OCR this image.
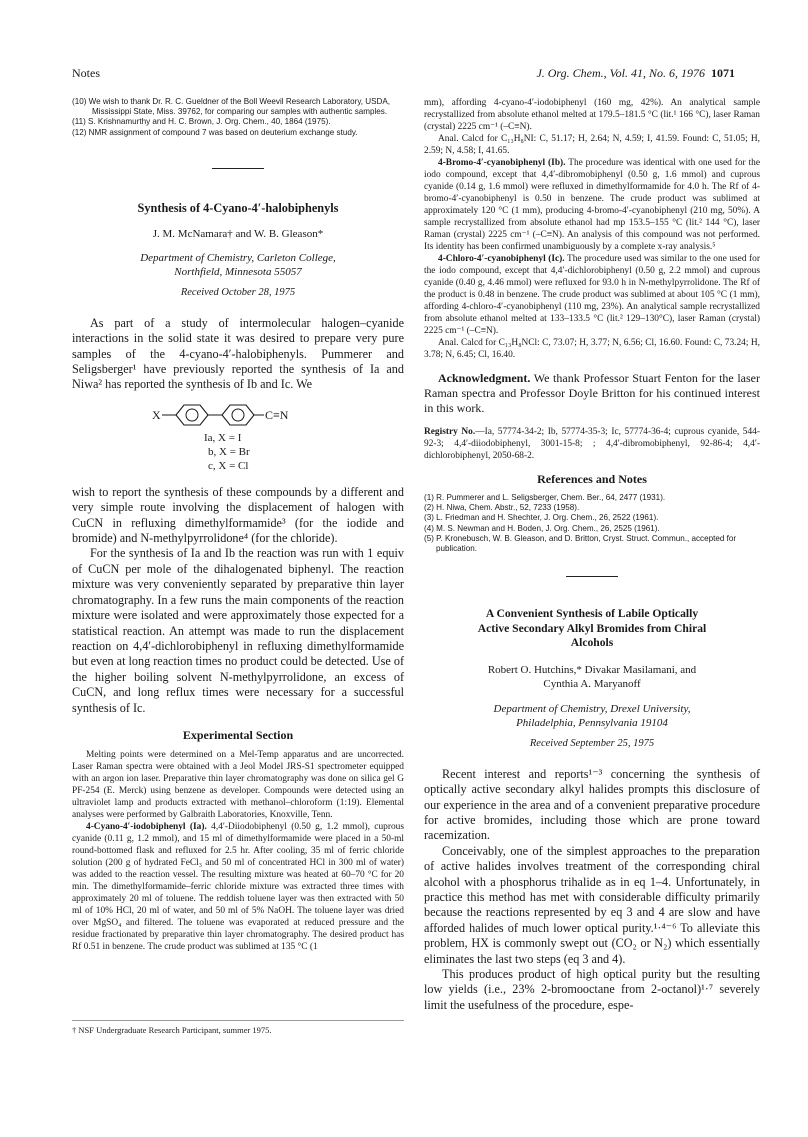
Notes	J. Org. Chem., Vol. 41, No. 6, 1976 1071

(10) We wish to thank Dr. R. C. Gueldner of the Boll Weevil Research Laboratory, USDA, Mississippi State, Miss. 39762, for comparing our samples with authentic samples.

(11) S. Krishnamurthy and H. C. Brown, J. Org. Chem., 40, 1864 (1975).

(12) NMR assignment of compound 7 was based on deuterium exchange study.

Synthesis of 4-Cyano-4′-halobiphenyls

J. M. McNamara† and W. B. Gleason*

Department of Chemistry, Carleton College,
Northfield, Minnesota 55057

Received October 28, 1975

As part of a study of intermolecular halogen–cyanide interactions in the solid state it was desired to prepare very pure samples of the 4-cyano-4′-halobiphenyls. Pummerer and Seligsberger¹ have previously reported the synthesis of Ia and Niwa² has reported the synthesis of Ib and Ic. We

X	C≡N
Ia, X = I
b, X = Br
c, X = Cl

wish to report the synthesis of these compounds by a different and very simple route involving the displacement of halogen with CuCN in refluxing dimethylformamide³ (for the iodide and bromide) and N-methylpyrrolidone⁴ (for the chloride).

For the synthesis of Ia and Ib the reaction was run with 1 equiv of CuCN per mole of the dihalogenated biphenyl. The reaction mixture was very conveniently separated by preparative thin layer chromatography. In a few runs the main components of the reaction mixture were isolated and were approximately those expected for a statistical reaction. An attempt was made to run the displacement reaction on 4,4′-dichlorobiphenyl in refluxing dimethylformamide but even at long reaction times no product could be detected. Use of the higher boiling solvent N-methylpyrrolidone, an excess of CuCN, and long reflux times were necessary for a successful synthesis of Ic.

Experimental Section

Melting points were determined on a Mel-Temp apparatus and are uncorrected. Laser Raman spectra were obtained with a Jeol Model JRS-S1 spectrometer equipped with an argon ion laser. Preparative thin layer chromatography was done on silica gel G PF-254 (E. Merck) using benzene as developer. Compounds were detected using an ultraviolet lamp and products extracted with methanol–chloroform (1:19). Elemental analyses were performed by Galbraith Laboratories, Knoxville, Tenn.

4-Cyano-4′-iodobiphenyl (Ia). 4,4′-Diiodobiphenyl (0.50 g, 1.2 mmol), cuprous cyanide (0.11 g, 1.2 mmol), and 15 ml of dimethylformamide were placed in a 50-ml round-bottomed flask and refluxed for 2.5 hr. After cooling, 35 ml of ferric chloride solution (200 g of hydrated FeCl₃ and 50 ml of concentrated HCl in 300 ml of water) was added to the reaction vessel. The resulting mixture was heated at 60–70 °C for 20 min. The dimethylformamide–ferric chloride mixture was extracted three times with approximately 20 ml of toluene. The reddish toluene layer was then extracted with 50 ml of 10% HCl, 20 ml of water, and 50 ml of 5% NaOH. The toluene layer was dried over MgSO₄ and filtered. The toluene was evaporated at reduced pressure and the residue fractionated by preparative thin layer chromatography. The desired product has Rf 0.51 in benzene. The crude product was sublimed at 135 °C (1

† NSF Undergraduate Research Participant, summer 1975.

mm), affording 4-cyano-4′-iodobiphenyl (160 mg, 42%). An analytical sample recrystallized from absolute ethanol melted at 179.5–181.5 °C (lit.¹ 166 °C), laser Raman (crystal) 2225 cm⁻¹ (–C≡N).

Anal. Calcd for C₁₃H₈NI: C, 51.17; H, 2.64; N, 4.59; I, 41.59. Found: C, 51.05; H, 2.59; N, 4.58; I, 41.65.

4-Bromo-4′-cyanobiphenyl (Ib). The procedure was identical with one used for the iodo compound, except that 4,4′-dibromobiphenyl (0.50 g, 1.6 mmol) and cuprous cyanide (0.14 g, 1.6 mmol) were refluxed in dimethylformamide for 4.0 h. The Rf of 4-bromo-4′-cyanobiphenyl is 0.50 in benzene. The crude product was sublimed at approximately 120 °C (1 mm), producing 4-bromo-4′-cyanobiphenyl (210 mg, 50%). A sample recrystallized from absolute ethanol had mp 153.5–155 °C (lit.² 144 °C), laser Raman (crystal) 2225 cm⁻¹ (–C≡N). An analysis of this compound was not performed. Its identity has been confirmed unambiguously by a complete x-ray analysis.⁵

4-Chloro-4′-cyanobiphenyl (Ic). The procedure used was similar to the one used for the iodo compound, except that 4,4′-dichlorobiphenyl (0.50 g, 2.2 mmol) and cuprous cyanide (0.40 g, 4.46 mmol) were refluxed for 93.0 h in N-methylpyrrolidone. The Rf of the product is 0.48 in benzene. The crude product was sublimed at about 105 °C (1 mm), affording 4-chloro-4′-cyanobiphenyl (110 mg, 23%). An analytical sample recrystallized from absolute ethanol melted at 133–133.5 °C (lit.² 129–130°C), laser Raman (crystal) 2225 cm⁻¹ (–C≡N).

Anal. Calcd for C₁₃H₈NCl: C, 73.07; H, 3.77; N, 6.56; Cl, 16.60. Found: C, 73.24; H, 3.78; N, 6.45; Cl, 16.40.

Acknowledgment. We thank Professor Stuart Fenton for the laser Raman spectra and Professor Doyle Britton for his continued interest in this work.

Registry No.—Ia, 57774-34-2; Ib, 57774-35-3; Ic, 57774-36-4; cuprous cyanide, 544-92-3; 4,4′-diiodobiphenyl, 3001-15-8; ; 4,4′-dibromobiphenyl, 92-86-4; 4,4′-dichlorobiphenyl, 2050-68-2.

References and Notes

(1) R. Pummerer and L. Seligsberger, Chem. Ber., 64, 2477 (1931).

(2) H. Niwa, Chem. Abstr., 52, 7233 (1958).

(3) L. Friedman and H. Shechter, J. Org. Chem., 26, 2522 (1961).

(4) M. S. Newman and H. Boden, J. Org. Chem., 26, 2525 (1961).

(5) P. Kronebusch, W. B. Gleason, and D. Britton, Cryst. Struct. Commun., accepted for publication.

A Convenient Synthesis of Labile Optically
Active Secondary Alkyl Bromides from Chiral
Alcohols
Robert O. Hutchins,* Divakar Masilamani, and
Cynthia A. Maryanoff
Department of Chemistry, Drexel University,
Philadelphia, Pennsylvania 19104

Received September 25, 1975

Recent interest and reports¹⁻³ concerning the synthesis of optically active secondary alkyl halides prompts this disclosure of our experience in the area and of a convenient preparative procedure for active bromides, including those which are prone toward racemization.

Conceivably, one of the simplest approaches to the preparation of active halides involves treatment of the corresponding chiral alcohol with a phosphorus trihalide as in eq 1–4. Unfortunately, in practice this method has met with considerable difficulty primarily because the reactions represented by eq 3 and 4 are slow and have afforded halides of much lower optical purity.¹·⁴⁻⁶ To alleviate this problem, HX is commonly swept out (CO₂ or N₂) which essentially eliminates the last two steps (eq 3 and 4).

This produces product of high optical purity but the resulting low yields (i.e., 23% 2-bromooctane from 2-octanol)¹·⁷ severely limit the usefulness of the procedure, espe-
